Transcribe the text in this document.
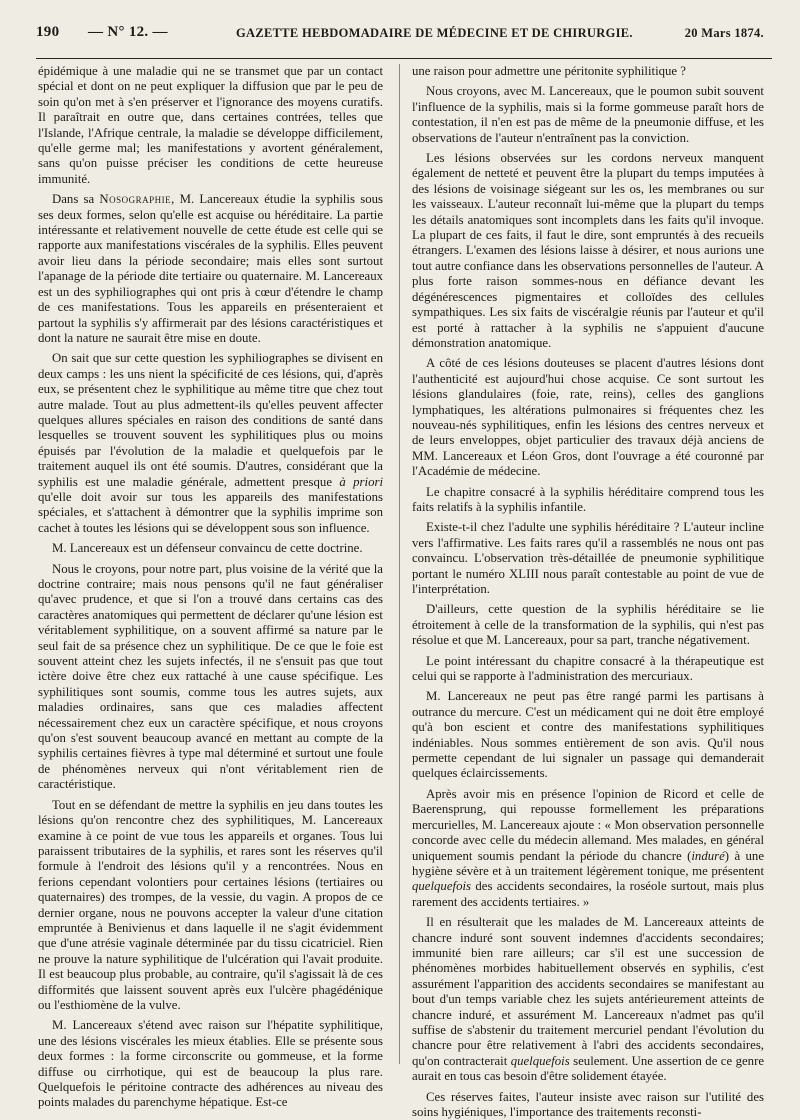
190 — N° 12. —	GAZETTE HEBDOMADAIRE DE MÉDECINE ET DE CHIRURGIE.	20 Mars 1874.

épidémique à une maladie qui ne se transmet que par un contact spécial et dont on ne peut expliquer la diffusion que par le peu de soin qu'on met à s'en préserver et l'ignorance des moyens curatifs. Il paraîtrait en outre que, dans certaines contrées, telles que l'Islande, l'Afrique centrale, la maladie se développe difficilement, qu'elle germe mal; les manifestations y avortent généralement, sans qu'on puisse préciser les conditions de cette heureuse immunité.

Dans sa Nosographie, M. Lancereaux étudie la syphilis sous ses deux formes, selon qu'elle est acquise ou héréditaire. La partie intéressante et relativement nouvelle de cette étude est celle qui se rapporte aux manifestations viscérales de la syphilis. Elles peuvent avoir lieu dans la période secondaire; mais elles sont surtout l'apanage de la période dite tertiaire ou quaternaire. M. Lancereaux est un des syphiliographes qui ont pris à cœur d'étendre le champ de ces manifestations. Tous les appareils en présenteraient et partout la syphilis s'y affirmerait par des lésions caractéristiques et dont la nature ne saurait être mise en doute.

On sait que sur cette question les syphiliographes se divisent en deux camps : les uns nient la spécificité de ces lésions, qui, d'après eux, se présentent chez le syphilitique au même titre que chez tout autre malade. Tout au plus admettent-ils qu'elles peuvent affecter quelques allures spéciales en raison des conditions de santé dans lesquelles se trouvent souvent les syphilitiques plus ou moins épuisés par l'évolution de la maladie et quelquefois par le traitement auquel ils ont été soumis. D'autres, considérant que la syphilis est une maladie générale, admettent presque à priori qu'elle doit avoir sur tous les appareils des manifestations spéciales, et s'attachent à démontrer que la syphilis imprime son cachet à toutes les lésions qui se développent sous son influence.

M. Lancereaux est un défenseur convaincu de cette doctrine.

Nous le croyons, pour notre part, plus voisine de la vérité que la doctrine contraire; mais nous pensons qu'il ne faut généraliser qu'avec prudence, et que si l'on a trouvé dans certains cas des caractères anatomiques qui permettent de déclarer qu'une lésion est véritablement syphilitique, on a souvent affirmé sa nature par le seul fait de sa présence chez un syphilitique. De ce que le foie est souvent atteint chez les sujets infectés, il ne s'ensuit pas que tout ictère doive être chez eux rattaché à une cause spécifique. Les syphilitiques sont soumis, comme tous les autres sujets, aux maladies ordinaires, sans que ces maladies affectent nécessairement chez eux un caractère spécifique, et nous croyons qu'on s'est souvent beaucoup avancé en mettant au compte de la syphilis certaines fièvres à type mal déterminé et surtout une foule de phénomènes nerveux qui n'ont véritablement rien de caractéristique.

Tout en se défendant de mettre la syphilis en jeu dans toutes les lésions qu'on rencontre chez des syphilitiques, M. Lancereaux examine à ce point de vue tous les appareils et organes. Tous lui paraissent tributaires de la syphilis, et rares sont les réserves qu'il formule à l'endroit des lésions qu'il y a rencontrées. Nous en ferions cependant volontiers pour certaines lésions (tertiaires ou quaternaires) des trompes, de la vessie, du vagin. A propos de ce dernier organe, nous ne pouvons accepter la valeur d'une citation empruntée à Benivienus et dans laquelle il ne s'agit évidemment que d'une atrésie vaginale déterminée par du tissu cicatriciel. Rien ne prouve la nature syphilitique de l'ulcération qui l'avait produite. Il est beaucoup plus probable, au contraire, qu'il s'agissait là de ces difformités que laissent souvent après eux l'ulcère phagédénique ou l'esthiomène de la vulve.

M. Lancereaux s'étend avec raison sur l'hépatite syphilitique, une des lésions viscérales les mieux établies. Elle se présente sous deux formes : la forme circonscrite ou gommeuse, et la forme diffuse ou cirrhotique, qui est de beaucoup la plus rare. Quelquefois le péritoine contracte des adhérences au niveau des points malades du parenchyme hépatique. Est-ce

une raison pour admettre une péritonite syphilitique ?

Nous croyons, avec M. Lancereaux, que le poumon subit souvent l'influence de la syphilis, mais si la forme gommeuse paraît hors de contestation, il n'en est pas de même de la pneumonie diffuse, et les observations de l'auteur n'entraînent pas la conviction.

Les lésions observées sur les cordons nerveux manquent également de netteté et peuvent être la plupart du temps imputées à des lésions de voisinage siégeant sur les os, les membranes ou sur les vaisseaux. L'auteur reconnaît lui-même que la plupart du temps les détails anatomiques sont incomplets dans les faits qu'il invoque. La plupart de ces faits, il faut le dire, sont empruntés à des recueils étrangers. L'examen des lésions laisse à désirer, et nous aurions une tout autre confiance dans les observations personnelles de l'auteur. A plus forte raison sommes-nous en défiance devant les dégénérescences pigmentaires et colloïdes des cellules sympathiques. Les six faits de viscéralgie réunis par l'auteur et qu'il est porté à rattacher à la syphilis ne s'appuient d'aucune démonstration anatomique.

A côté de ces lésions douteuses se placent d'autres lésions dont l'authenticité est aujourd'hui chose acquise. Ce sont surtout les lésions glandulaires (foie, rate, reins), celles des ganglions lymphatiques, les altérations pulmonaires si fréquentes chez les nouveau-nés syphilitiques, enfin les lésions des centres nerveux et de leurs enveloppes, objet particulier des travaux déjà anciens de MM. Lancereaux et Léon Gros, dont l'ouvrage a été couronné par l'Académie de médecine.

Le chapitre consacré à la syphilis héréditaire comprend tous les faits relatifs à la syphilis infantile.

Existe-t-il chez l'adulte une syphilis héréditaire ? L'auteur incline vers l'affirmative. Les faits rares qu'il a rassemblés ne nous ont pas convaincu. L'observation très-détaillée de pneumonie syphilitique portant le numéro XLIII nous paraît contestable au point de vue de l'interprétation.

D'ailleurs, cette question de la syphilis héréditaire se lie étroitement à celle de la transformation de la syphilis, qui n'est pas résolue et que M. Lancereaux, pour sa part, tranche négativement.

Le point intéressant du chapitre consacré à la thérapeutique est celui qui se rapporte à l'administration des mercuriaux.

M. Lancereaux ne peut pas être rangé parmi les partisans à outrance du mercure. C'est un médicament qui ne doit être employé qu'à bon escient et contre des manifestations syphilitiques indéniables. Nous sommes entièrement de son avis. Qu'il nous permette cependant de lui signaler un passage qui demanderait quelques éclaircissements.

Après avoir mis en présence l'opinion de Ricord et celle de Baerensprung, qui repousse formellement les préparations mercurielles, M. Lancereaux ajoute : « Mon observation personnelle concorde avec celle du médecin allemand. Mes malades, en général uniquement soumis pendant la période du chancre (induré) à une hygiène sévère et à un traitement légèrement tonique, me présentent quelquefois des accidents secondaires, la roséole surtout, mais plus rarement des accidents tertiaires. »

Il en résulterait que les malades de M. Lancereaux atteints de chancre induré sont souvent indemnes d'accidents secondaires; immunité bien rare ailleurs; car s'il est une succession de phénomènes morbides habituellement observés en syphilis, c'est assurément l'apparition des accidents secondaires se manifestant au bout d'un temps variable chez les sujets antérieurement atteints de chancre induré, et assurément M. Lancereaux n'admet pas qu'il suffise de s'abstenir du traitement mercuriel pendant l'évolution du chancre pour être relativement à l'abri des accidents secondaires, qu'on contracterait quelquefois seulement. Une assertion de ce genre aurait en tous cas besoin d'être solidement étayée.

Ces réserves faites, l'auteur insiste avec raison sur l'utilité des soins hygiéniques, l'importance des traitements reconsti-
